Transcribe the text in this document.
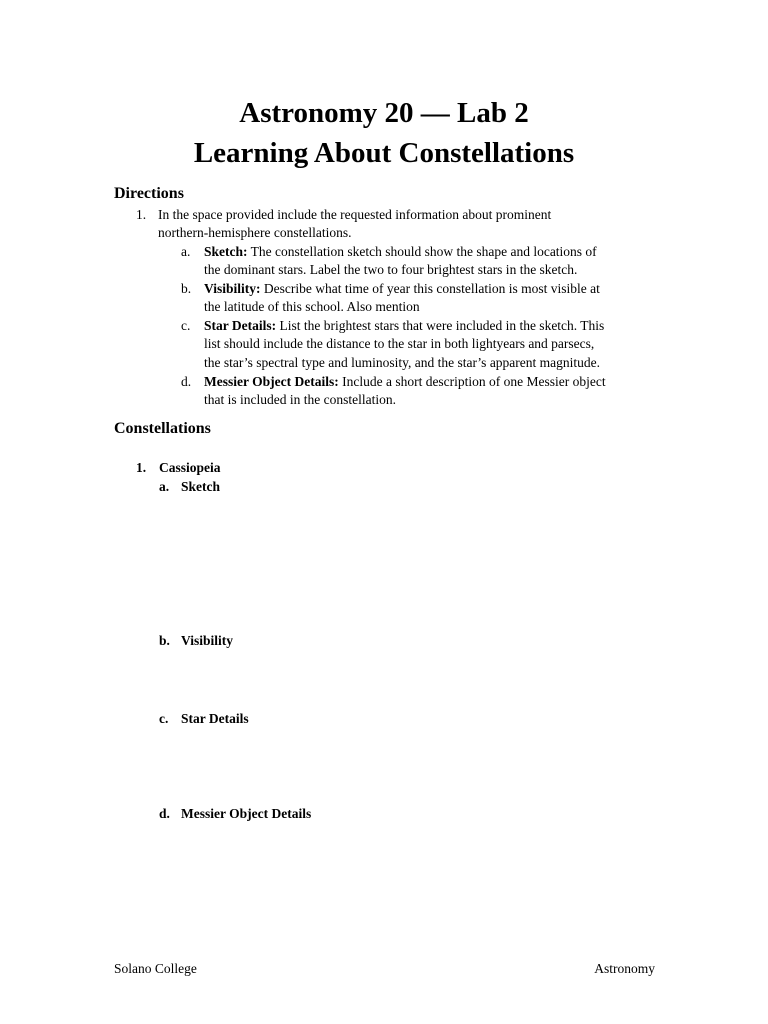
Astronomy 20 — Lab 2
Learning About Constellations
Directions
1. In the space provided include the requested information about prominent
northern-hemisphere constellations.
a. Sketch: The constellation sketch should show the shape and locations of
the dominant stars. Label the two to four brightest stars in the sketch.
b. Visibility: Describe what time of year this constellation is most visible at
the latitude of this school. Also mention
c. Star Details: List the brightest stars that were included in the sketch. This
list should include the distance to the star in both lightyears and parsecs,
the star’s spectral type and luminosity, and the star’s apparent magnitude.
d. Messier Object Details: Include a short description of one Messier object
that is included in the constellation.
Constellations
1. Cassiopeia
a. Sketch
b. Visibility
c. Star Details
d. Messier Object Details
Solano College	Astronomy
